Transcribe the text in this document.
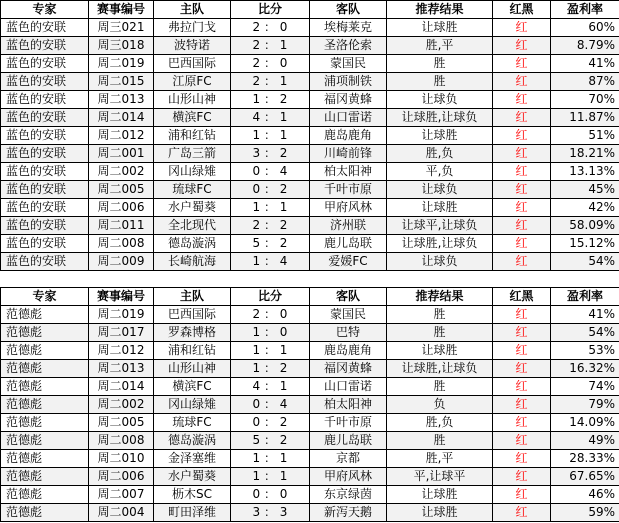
专家	赛事编号	主队	比分	客队	推荐结果	红黑	盈利率
蓝色的安联	周三021	弗拉门戈	2 ： 0	埃梅莱克	让球胜	红	60%
蓝色的安联	周三018	波特诺	2 ： 1	圣洛伦索	胜,平	红	8.79%
蓝色的安联	周二019	巴西国际	2 ： 0	蒙国民	胜	红	41%
蓝色的安联	周二015	江原FC	2 ： 1	浦项制铁	胜	红	87%
蓝色的安联	周二013	山形山神	1 ： 2	福冈黄蜂	让球负	红	70%
蓝色的安联	周二014	横滨FC	4 ： 1	山口雷诺	让球胜,让球负	红	11.87%
蓝色的安联	周二012	浦和红钻	1 ： 1	鹿岛鹿角	让球胜	红	51%
蓝色的安联	周二001	广岛三箭	3 ： 2	川崎前锋	胜,负	红	18.21%
蓝色的安联	周二002	冈山绿雉	0 ： 4	柏太阳神	平,负	红	13.13%
蓝色的安联	周二005	琉球FC	0 ： 2	千叶市原	让球负	红	45%
蓝色的安联	周二006	水户蜀葵	1 ： 1	甲府风林	让球胜	红	42%
蓝色的安联	周二011	全北现代	2 ： 2	济州联	让球平,让球负	红	58.09%
蓝色的安联	周二008	德岛漩涡	5 ： 2	鹿儿岛联	让球胜,让球负	红	15.12%
蓝色的安联	周二009	长崎航海	1 ： 4	爱媛FC	让球负	红	54%
专家	赛事编号	主队	比分	客队	推荐结果	红黑	盈利率
范德彪	周二019	巴西国际	2 ： 0	蒙国民	胜	红	41%
范德彪	周二017	罗森博格	1 ： 0	巴特	胜	红	54%
范德彪	周二012	浦和红钻	1 ： 1	鹿岛鹿角	让球胜	红	53%
范德彪	周二013	山形山神	1 ： 2	福冈黄蜂	让球胜,让球负	红	16.32%
范德彪	周二014	横滨FC	4 ： 1	山口雷诺	胜	红	74%
范德彪	周二002	冈山绿雉	0 ： 4	柏太阳神	负	红	79%
范德彪	周二005	琉球FC	0 ： 2	千叶市原	胜,负	红	14.09%
范德彪	周二008	德岛漩涡	5 ： 2	鹿儿岛联	胜	红	49%
范德彪	周二010	金泽塞维	1 ： 1	京都	胜,平	红	28.33%
范德彪	周二006	水户蜀葵	1 ： 1	甲府风林	平,让球平	红	67.65%
范德彪	周二007	枥木SC	0 ： 0	东京绿茵	让球胜	红	46%
范德彪	周二004	町田泽维	3 ： 3	新泻天鹅	让球胜	红	59%
